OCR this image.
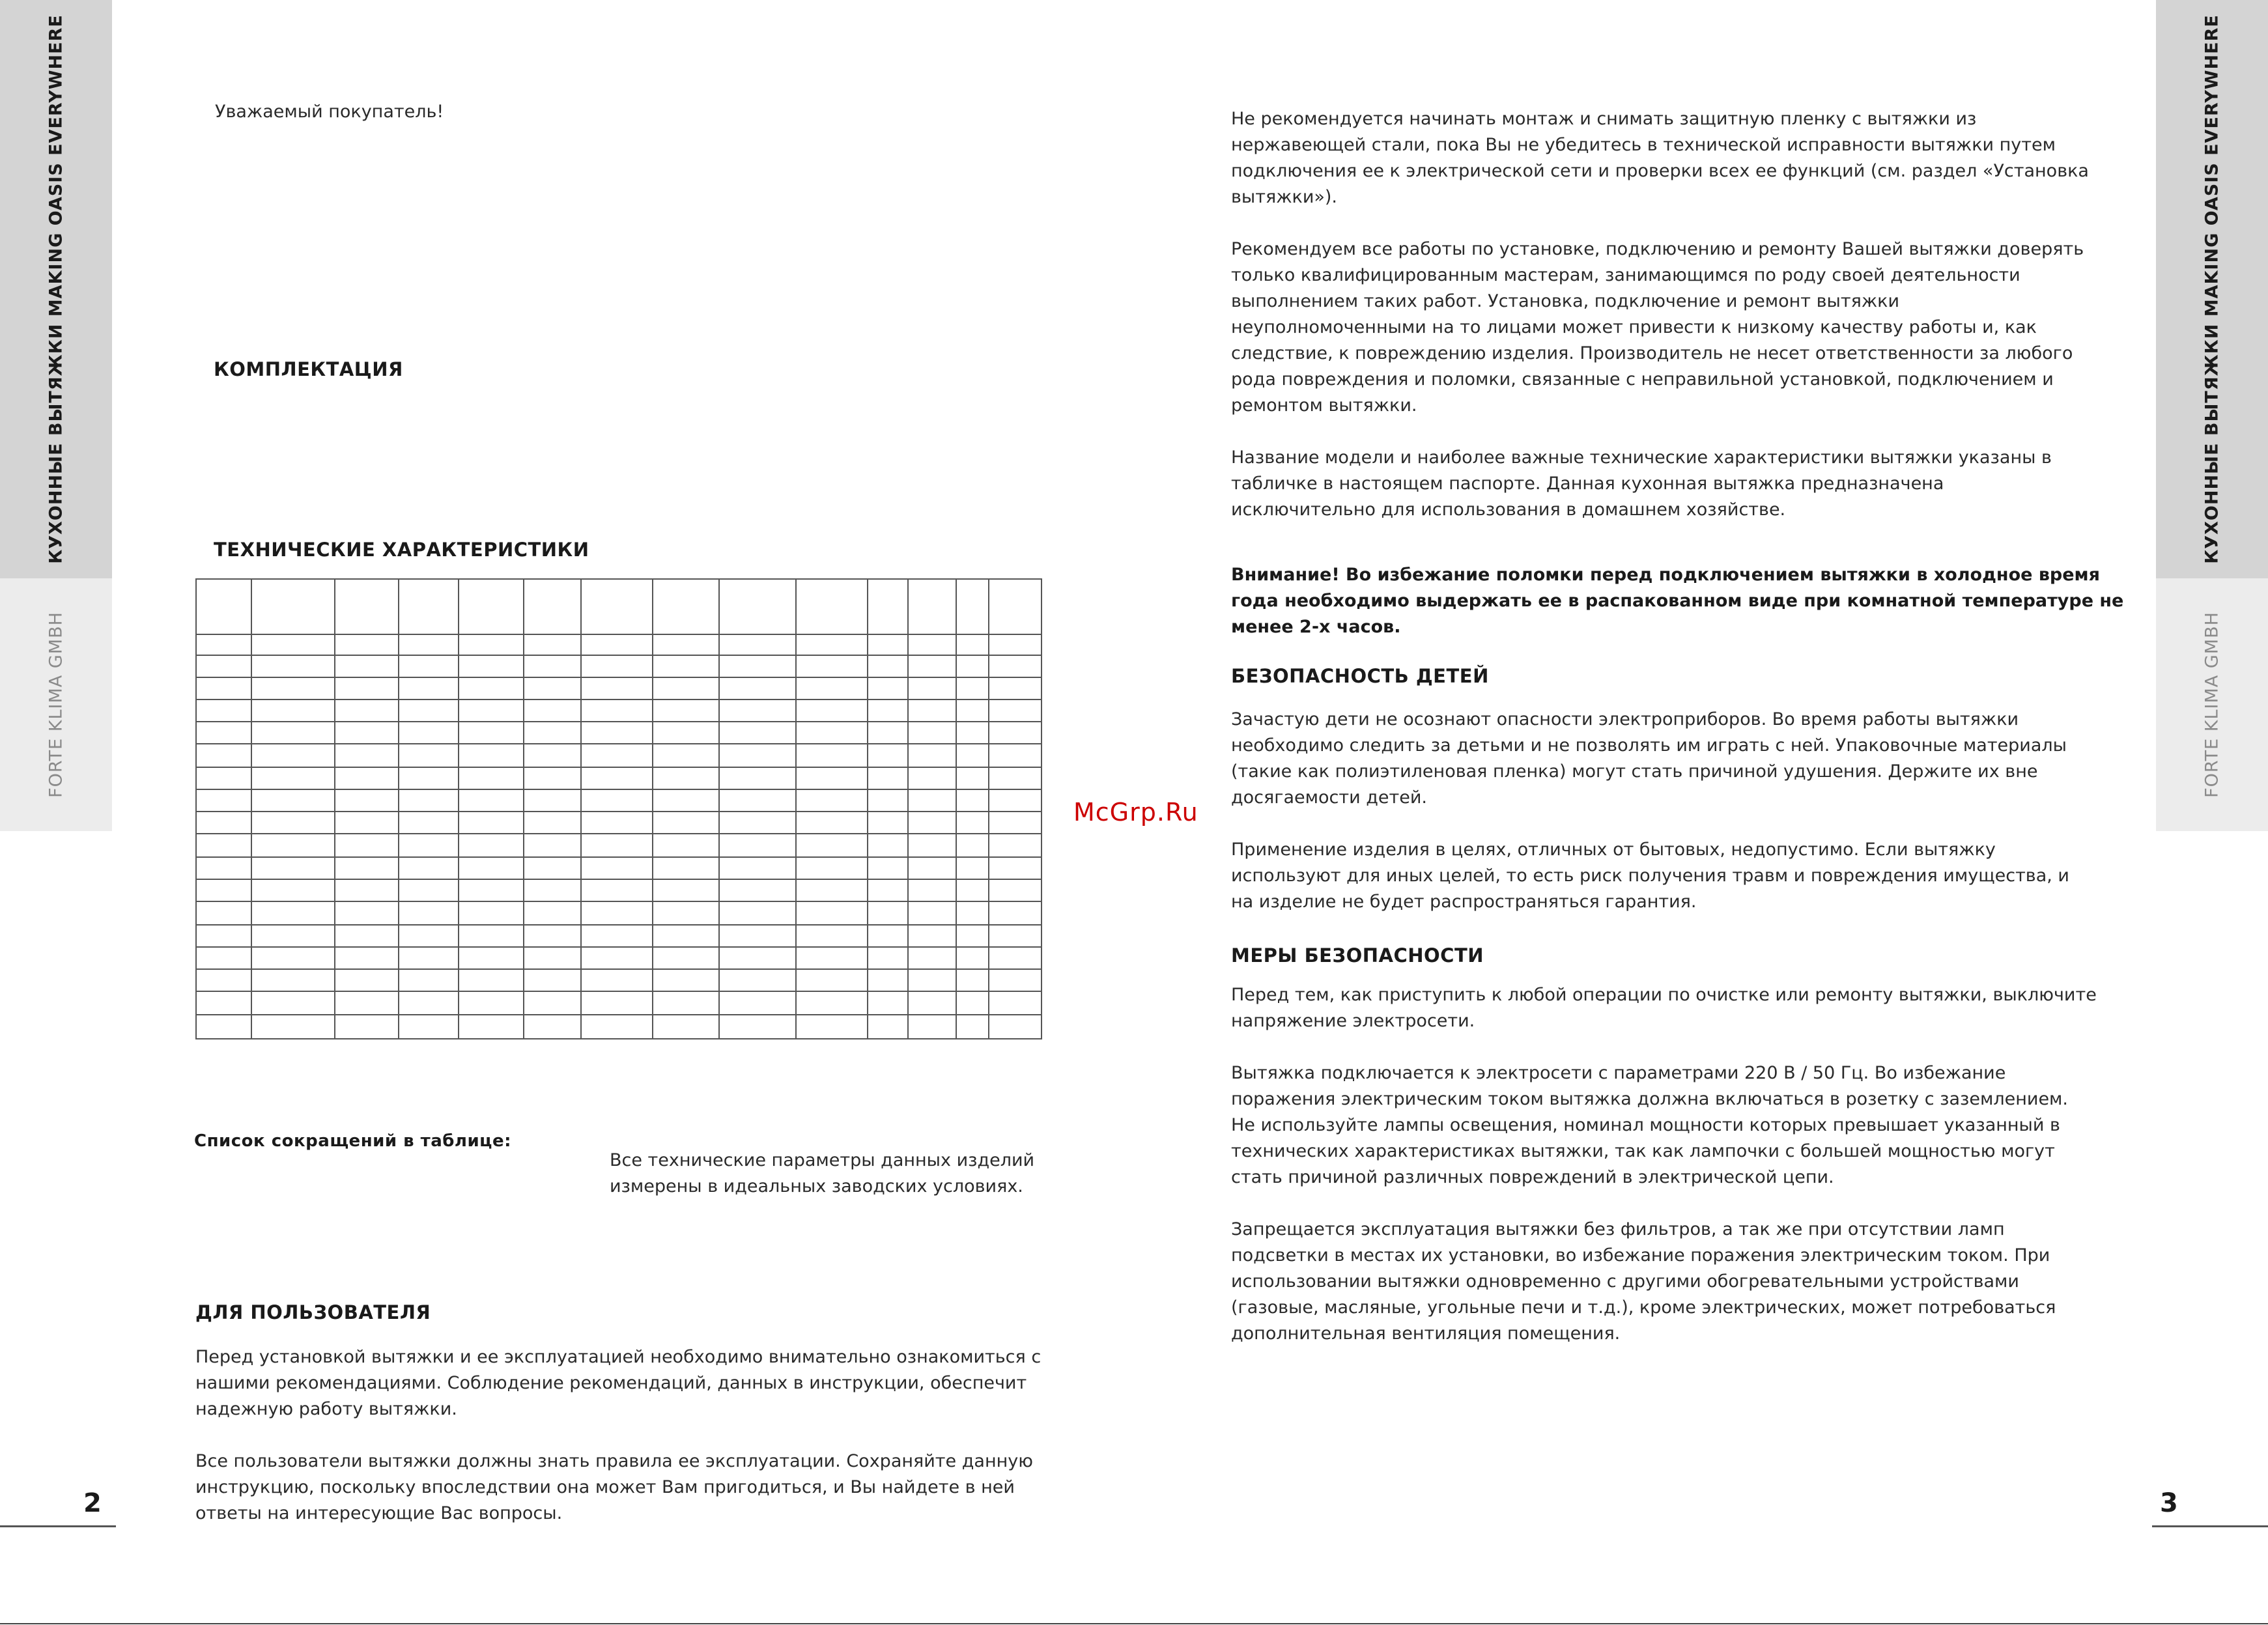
КУХОННЫЕ ВЫТЯЖКИ MAKING OASIS EVERYWHERE
FORTE KLIMA GMBH
КУХОННЫЕ ВЫТЯЖКИ MAKING OASIS EVERYWHERE
FORTE KLIMA GMBH
2	3
Уважаемый покупатель!
КОМПЛЕКТАЦИЯ
ТЕХНИЧЕСКИЕ ХАРАКТЕРИСТИКИ
Список сокращений в таблице:
Все технические параметры данных изделий
измерены в идеальных заводских условиях.
ДЛЯ ПОЛЬЗОВАТЕЛЯ
Перед установкой вытяжки и ее эксплуатацией необходимо внимательно ознакомиться с
нашими рекомендациями. Соблюдение рекомендаций, данных в инструкции, обеспечит
надежную работу вытяжки.
Все пользователи вытяжки должны знать правила ее эксплуатации. Сохраняйте данную
инструкцию, поскольку впоследствии она может Вам пригодиться, и Вы найдете в ней
ответы на интересующие Вас вопросы.
McGrp.Ru
Не рекомендуется начинать монтаж и снимать защитную пленку с вытяжки из
нержавеющей стали, пока Вы не убедитесь в технической исправности вытяжки путем
подключения ее к электрической сети и проверки всех ее функций (см. раздел «Установка
вытяжки»).
Рекомендуем все работы по установке, подключению и ремонту Вашей вытяжки доверять
только квалифицированным мастерам, занимающимся по роду своей деятельности
выполнением таких работ. Установка, подключение и ремонт вытяжки
неуполномоченными на то лицами может привести к низкому качеству работы и, как
следствие, к повреждению изделия. Производитель не несет ответственности за любого
рода повреждения и поломки, связанные с неправильной установкой, подключением и
ремонтом вытяжки.
Название модели и наиболее важные технические характеристики вытяжки указаны в
табличке в настоящем паспорте. Данная кухонная вытяжка предназначена
исключительно для использования в домашнем хозяйстве.
Внимание! Во избежание поломки перед подключением вытяжки в холодное время
года необходимо выдержать ее в распакованном виде при комнатной температуре не
менее 2-х часов.
БЕЗОПАСНОСТЬ ДЕТЕЙ
Зачастую дети не осознают опасности электроприборов. Во время работы вытяжки
необходимо следить за детьми и не позволять им играть с ней. Упаковочные материалы
(такие как полиэтиленовая пленка) могут стать причиной удушения. Держите их вне
досягаемости детей.
Применение изделия в целях, отличных от бытовых, недопустимо. Если вытяжку
используют для иных целей, то есть риск получения травм и повреждения имущества, и
на изделие не будет распространяться гарантия.
МЕРЫ БЕЗОПАСНОСТИ
Перед тем, как приступить к любой операции по очистке или ремонту вытяжки, выключите
напряжение электросети.
Вытяжка подключается к электросети с параметрами 220 В / 50 Гц. Во избежание
поражения электрическим током вытяжка должна включаться в розетку с заземлением.
Не используйте лампы освещения, номинал мощности которых превышает указанный в
технических характеристиках вытяжки, так как лампочки с большей мощностью могут
стать причиной различных повреждений в электрической цепи.
Запрещается эксплуатация вытяжки без фильтров, а так же при отсутствии ламп
подсветки в местах их установки, во избежание поражения электрическим током. При
использовании вытяжки одновременно с другими обогревательными устройствами
(газовые, масляные, угольные печи и т.д.), кроме электрических, может потребоваться
дополнительная вентиляция помещения.
